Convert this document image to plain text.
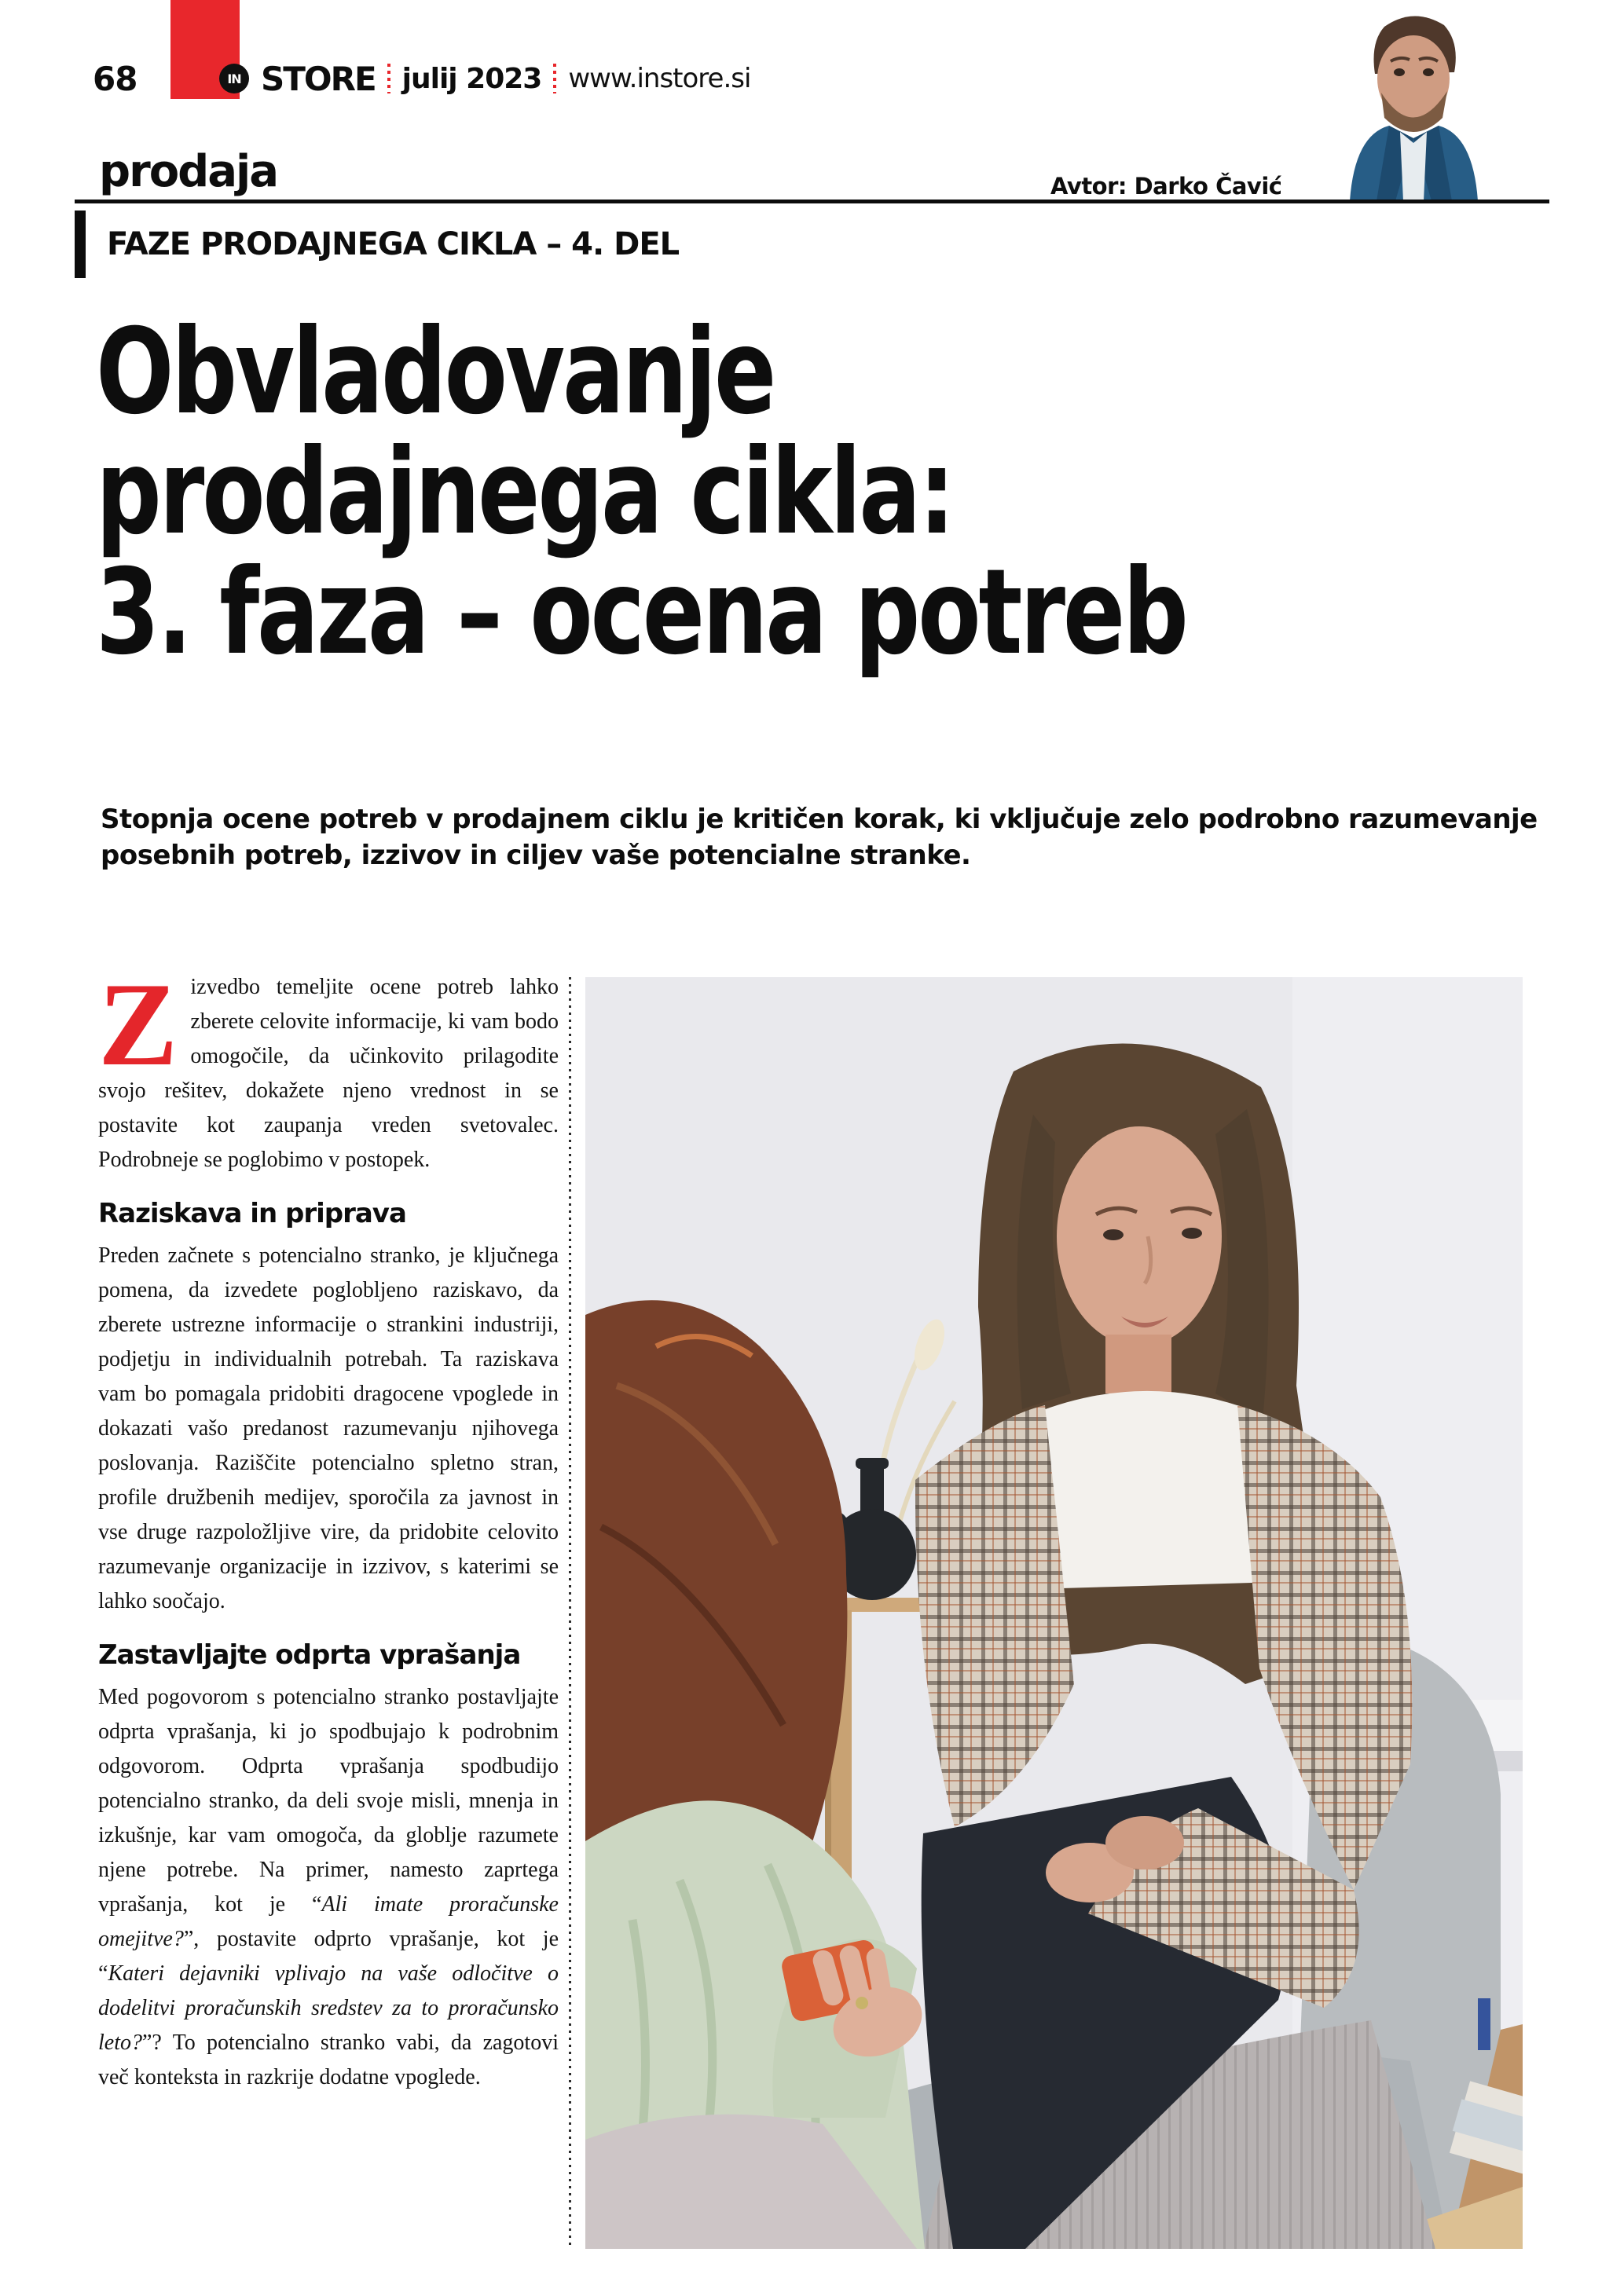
68	IN STORE julij 2023 www.instore.si
prodaja	Avtor: Darko Čavić
FAZE PRODAJNEGA CIKLA – 4. DEL
Obvladovanje
prodajnega cikla:
3. faza – ocena potreb

Stopnja ocene potreb v prodajnem ciklu je kritičen korak, ki vključuje zelo podrobno razumevanje posebnih potreb, izzivov in ciljev vaše potencialne stranke.

Zizvedbo temeljite ocene potreb lahko zberete celovite informacije, ki vam bodo omogočile, da učinkovito prilagodite svojo rešitev, dokažete njeno vrednost in se postavite kot zaupanja vreden svetovalec. Podrobneje se poglobimo v postopek.

Raziskava in priprava

Preden začnete s potencialno stranko, je ključnega pomena, da izvedete poglobljeno raziskavo, da zberete ustrezne informacije o strankini industriji, podjetju in individualnih potrebah. Ta raziskava vam bo pomagala pridobiti dragocene vpoglede in dokazati vašo predanost razumevanju njihovega poslovanja. Raziščite potencialno spletno stran, profile družbenih medijev, sporočila za javnost in vse druge razpoložljive vire, da pridobite celovito razumevanje organizacije in izzivov, s katerimi se lahko soočajo.

Zastavljajte odprta vprašanja

Med pogovorom s potencialno stranko postavljajte odprta vprašanja, ki jo spodbujajo k podrobnim odgovorom. Odprta vprašanja spodbudijo potencialno stranko, da deli svoje misli, mnenja in izkušnje, kar vam omogoča, da globlje razumete njene potrebe. Na primer, namesto zaprtega vprašanja, kot je “Ali imate proračunske omejitve?”, postavite odprto vprašanje, kot je “Kateri dejavniki vplivajo na vaše odločitve o dodelitvi proračunskih sredstev za to proračunsko leto?”? To potencialno stranko vabi, da zagotovi več konteksta in razkrije dodatne vpoglede.
